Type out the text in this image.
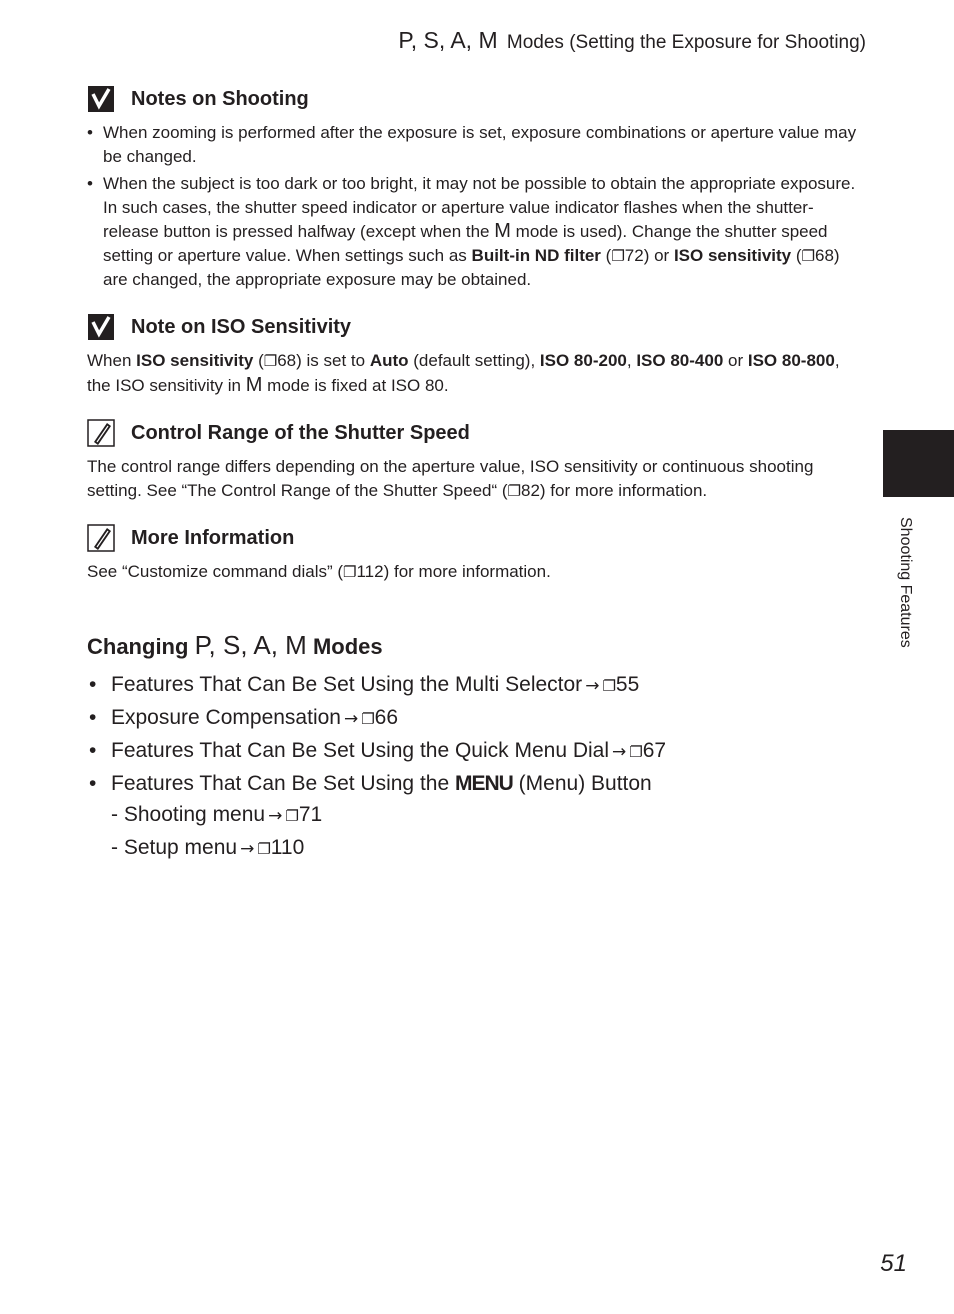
P, S, A, M Modes (Setting the Exposure for Shooting)
Notes on Shooting
• When zooming is performed after the exposure is set, exposure combinations or aperture value may be changed.
• When the subject is too dark or too bright, it may not be possible to obtain the appropriate exposure. In such cases, the shutter speed indicator or aperture value indicator flashes when the shutter-release button is pressed halfway (except when the M mode is used). Change the shutter speed setting or aperture value. When settings such as Built-in ND filter (❐72) or ISO sensitivity (❐68) are changed, the appropriate exposure may be obtained.
Note on ISO Sensitivity

When ISO sensitivity (❐68) is set to Auto (default setting), ISO 80-200, ISO 80-400 or ISO 80-800, the ISO sensitivity in M mode is fixed at ISO 80.

Control Range of the Shutter Speed

The control range differs depending on the aperture value, ISO sensitivity or continuous shooting setting. See “The Control Range of the Shutter Speed“ (❐82) for more information.

More Information

See “Customize command dials” (❐112) for more information.

Changing P, S, A, M Modes
• Features That Can Be Set Using the Multi Selector → ❐55
• Exposure Compensation → ❐66
• Features That Can Be Set Using the Quick Menu Dial → ❐67
• Features That Can Be Set Using the MENU (Menu) Button
- Shooting menu → ❐71
- Setup menu → ❐110
Shooting Features
51
